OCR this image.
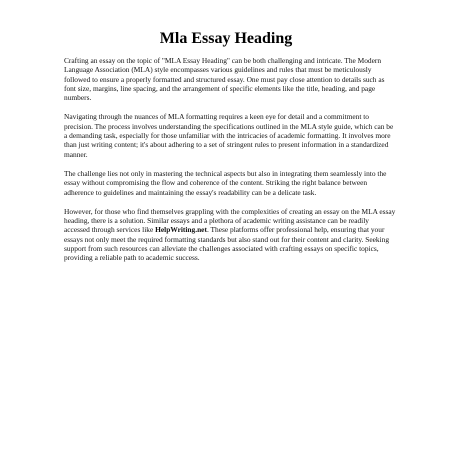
Mla Essay Heading

Crafting an essay on the topic of "MLA Essay Heading" can be both challenging and intricate. The Modern Language Association (MLA) style encompasses various guidelines and rules that must be meticulously followed to ensure a properly formatted and structured essay. One must pay close attention to details such as font size, margins, line spacing, and the arrangement of specific elements like the title, heading, and page numbers.

Navigating through the nuances of MLA formatting requires a keen eye for detail and a commitment to precision. The process involves understanding the specifications outlined in the MLA style guide, which can be a demanding task, especially for those unfamiliar with the intricacies of academic formatting. It involves more than just writing content; it's about adhering to a set of stringent rules to present information in a standardized manner.

The challenge lies not only in mastering the technical aspects but also in integrating them seamlessly into the essay without compromising the flow and coherence of the content. Striking the right balance between adherence to guidelines and maintaining the essay's readability can be a delicate task.

However, for those who find themselves grappling with the complexities of creating an essay on the MLA essay heading, there is a solution. Similar essays and a plethora of academic writing assistance can be readily accessed through services like HelpWriting.net. These platforms offer professional help, ensuring that your essays not only meet the required formatting standards but also stand out for their content and clarity. Seeking support from such resources can alleviate the challenges associated with crafting essays on specific topics, providing a reliable path to academic success.
